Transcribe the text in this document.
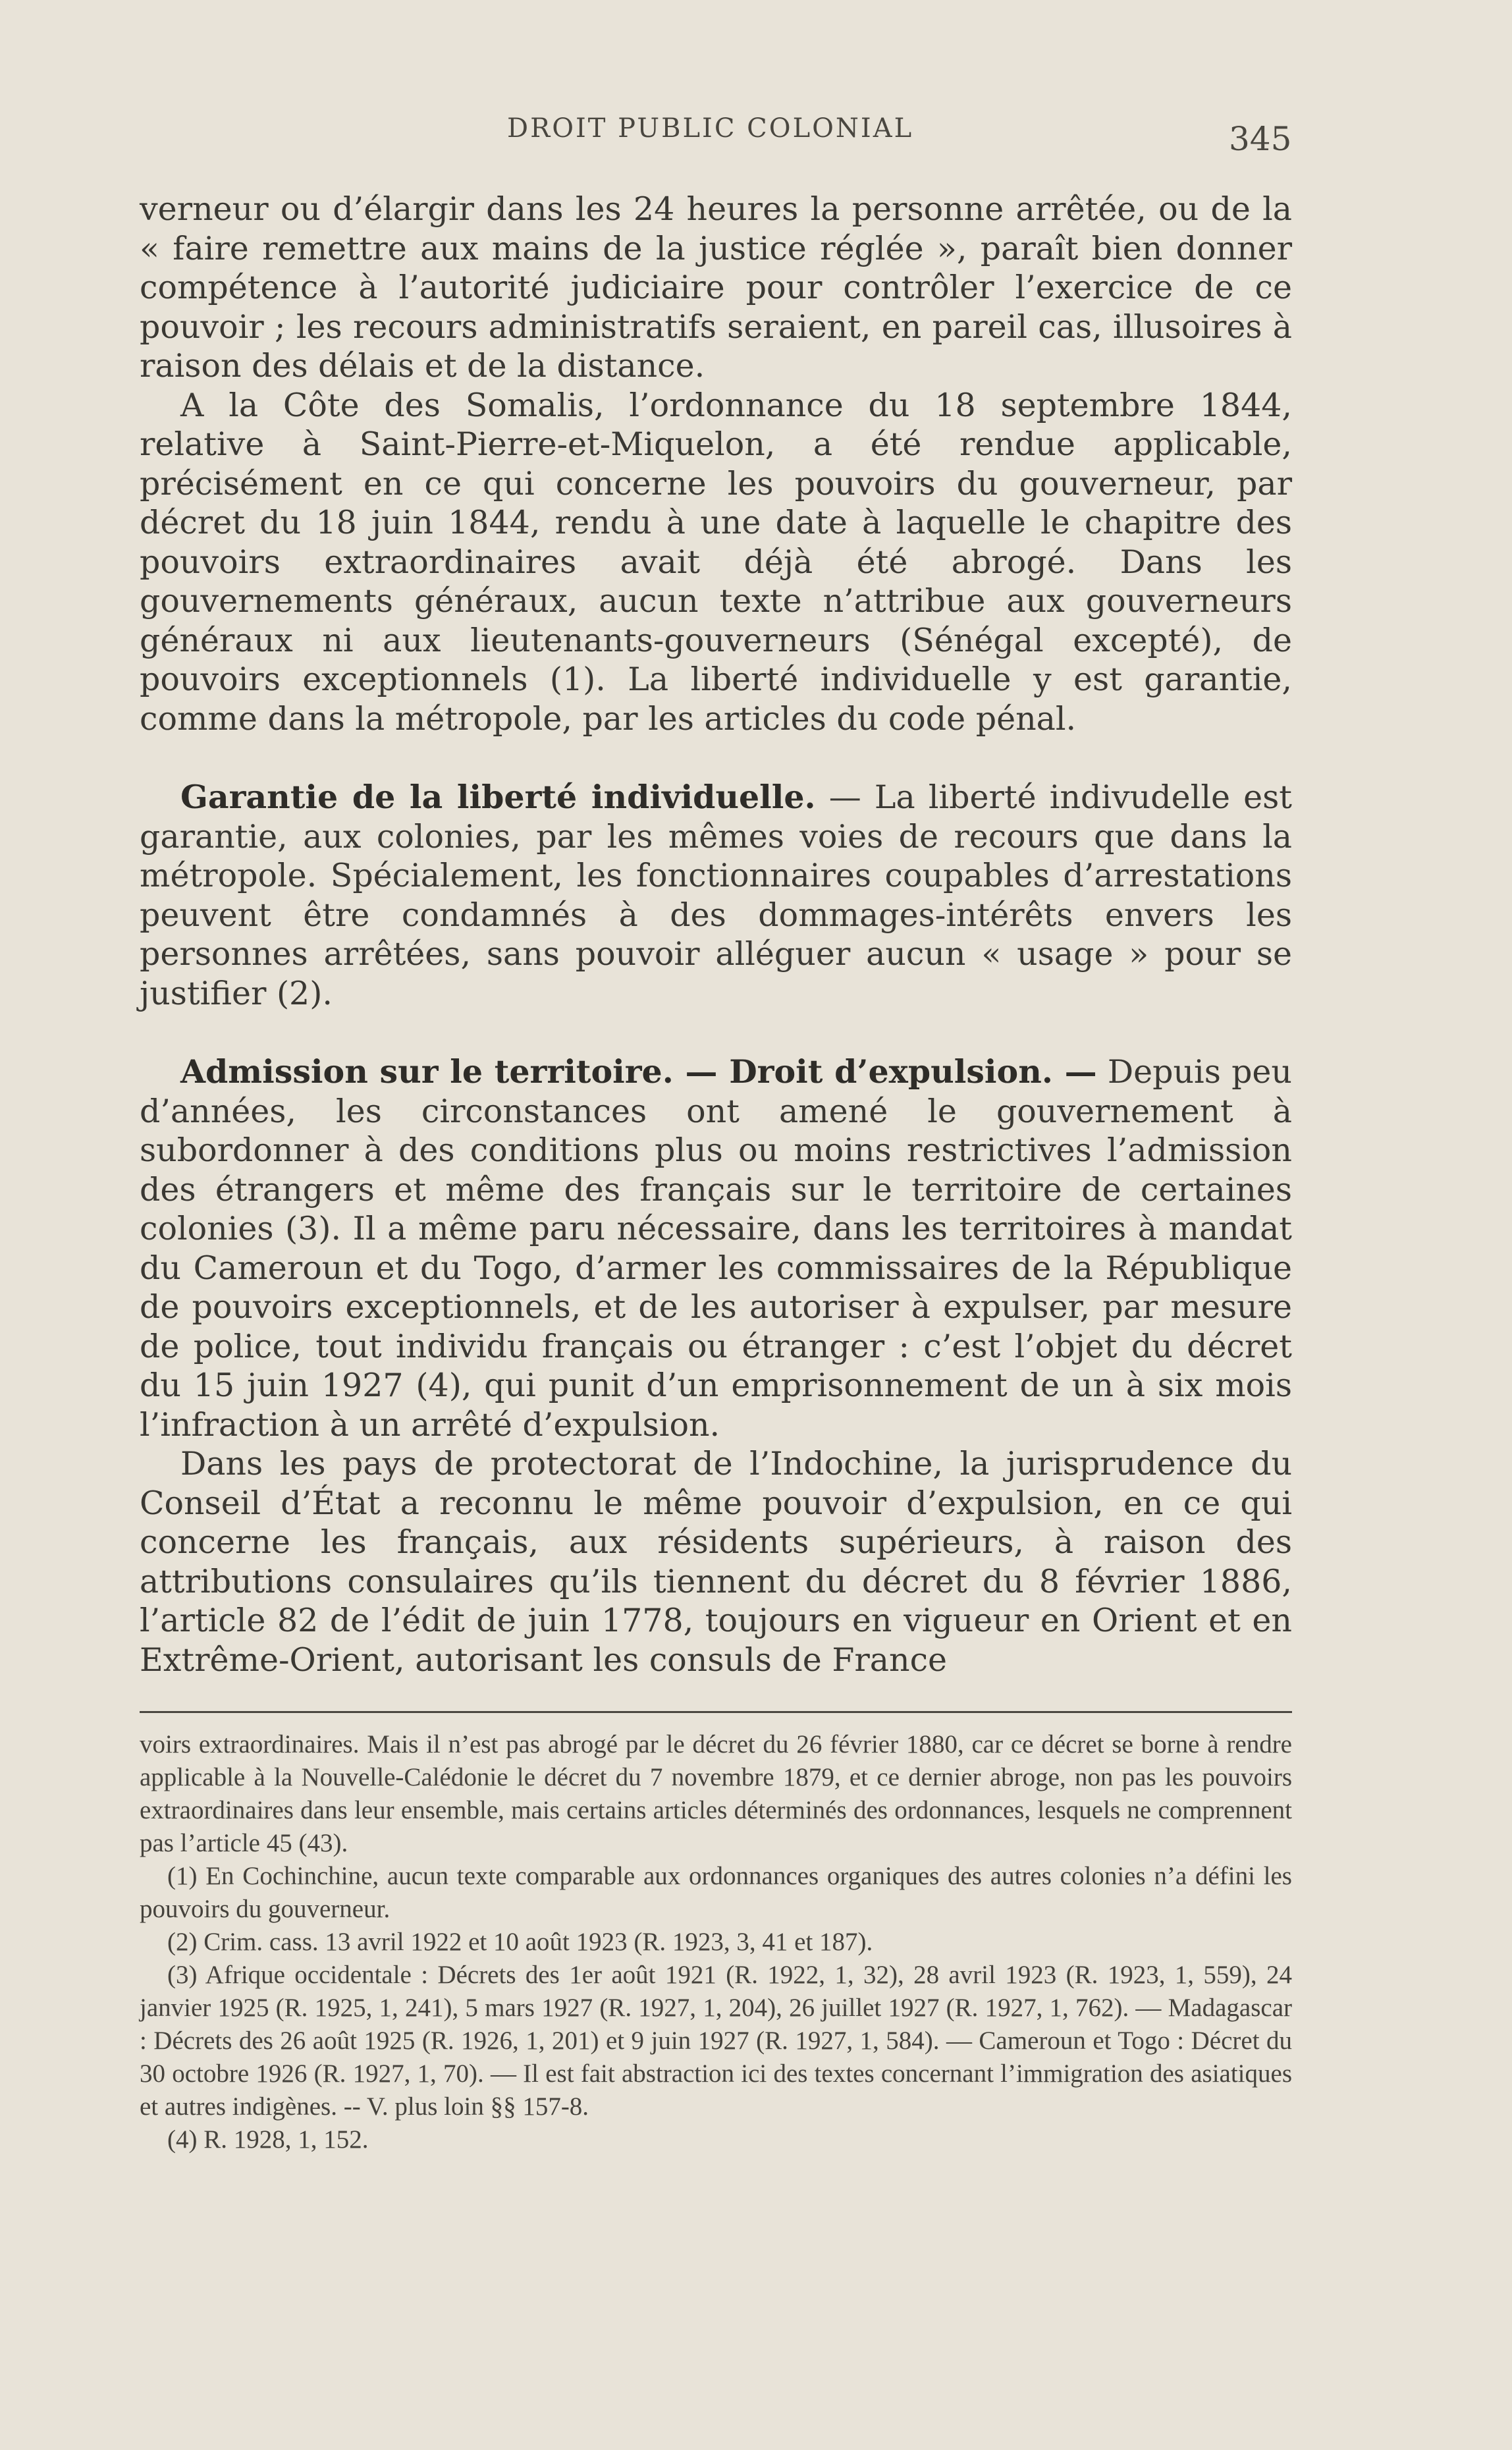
DROIT PUBLIC COLONIAL	345

verneur ou d’élargir dans les 24 heures la personne arrêtée, ou de la « faire remettre aux mains de la justice réglée », paraît bien donner compétence à l’autorité judiciaire pour contrôler l’exercice de ce pouvoir ; les recours administratifs seraient, en pareil cas, illusoires à raison des délais et de la distance.

A la Côte des Somalis, l’ordonnance du 18 septembre 1844, relative à Saint-Pierre-et-Miquelon, a été rendue applicable, précisément en ce qui concerne les pouvoirs du gouverneur, par décret du 18 juin 1844, rendu à une date à laquelle le chapitre des pouvoirs extraordinaires avait déjà été abrogé. Dans les gouvernements généraux, aucun texte n’attribue aux gouverneurs généraux ni aux lieutenants-gouverneurs (Sénégal excepté), de pouvoirs exceptionnels (1). La liberté individuelle y est garantie, comme dans la métropole, par les articles du code pénal.

Garantie de la liberté individuelle. — La liberté indivudelle est garantie, aux colonies, par les mêmes voies de recours que dans la métropole. Spécialement, les fonctionnaires coupables d’arrestations peuvent être condamnés à des dommages-intérêts envers les personnes arrêtées, sans pouvoir alléguer aucun « usage » pour se justifier (2).

Admission sur le territoire. — Droit d’expulsion. — Depuis peu d’années, les circonstances ont amené le gouvernement à subordonner à des conditions plus ou moins restrictives l’admission des étrangers et même des français sur le territoire de certaines colonies (3). Il a même paru nécessaire, dans les territoires à mandat du Cameroun et du Togo, d’armer les commissaires de la République de pouvoirs exceptionnels, et de les autoriser à expulser, par mesure de police, tout individu français ou étranger : c’est l’objet du décret du 15 juin 1927 (4), qui punit d’un emprisonnement de un à six mois l’infraction à un arrêté d’expulsion.

Dans les pays de protectorat de l’Indochine, la jurisprudence du Conseil d’État a reconnu le même pouvoir d’expulsion, en ce qui concerne les français, aux résidents supérieurs, à raison des attributions consulaires qu’ils tiennent du décret du 8 février 1886, l’article 82 de l’édit de juin 1778, toujours en vigueur en Orient et en Extrême-Orient, autorisant les consuls de France

voirs extraordinaires. Mais il n’est pas abrogé par le décret du 26 février 1880, car ce décret se borne à rendre applicable à la Nouvelle-Calédonie le décret du 7 novembre 1879, et ce dernier abroge, non pas les pouvoirs extraordinaires dans leur ensemble, mais certains articles déterminés des ordonnances, lesquels ne comprennent pas l’article 45 (43).

(1) En Cochinchine, aucun texte comparable aux ordonnances organiques des autres colonies n’a défini les pouvoirs du gouverneur.

(2) Crim. cass. 13 avril 1922 et 10 août 1923 (R. 1923, 3, 41 et 187).

(3) Afrique occidentale : Décrets des 1er août 1921 (R. 1922, 1, 32), 28 avril 1923 (R. 1923, 1, 559), 24 janvier 1925 (R. 1925, 1, 241), 5 mars 1927 (R. 1927, 1, 204), 26 juillet 1927 (R. 1927, 1, 762). — Madagascar : Décrets des 26 août 1925 (R. 1926, 1, 201) et 9 juin 1927 (R. 1927, 1, 584). — Cameroun et Togo : Décret du 30 octobre 1926 (R. 1927, 1, 70). — Il est fait abstraction ici des textes concernant l’immigration des asiatiques et autres indigènes. -- V. plus loin §§ 157-8.

(4) R. 1928, 1, 152.
